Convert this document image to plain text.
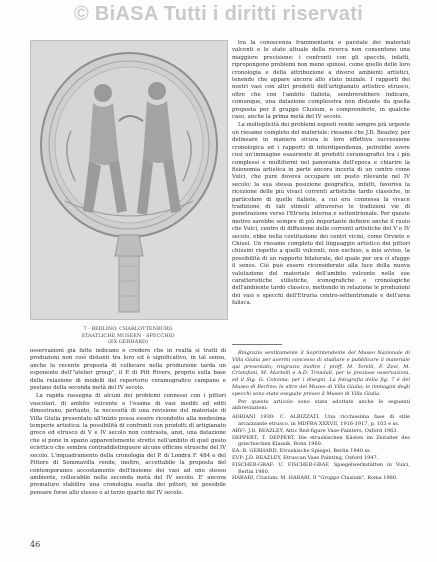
© BiASA Tutti i diritti riservati
7 - BERLINO, CHARLOTTENBURG
STAATLICHE MUSEEN - SPECCHIO
(EX GERHARD)

tra la conoscenza frammentaria e parziale dei materiali valcenti e lo stato attuale della ricerca non consentono una maggiore precisione: i confronti con gli specchi, infatti, ripropongono problemi non meno spinosi, come quello delle loro cronologia e della attribuzione a diversi ambienti artistici, tenendo che appare ancora allo stato iniziale. I rapporti dei nostri vasi con altri prodotti dell'artigianato artistico etrusco, oltre che con l'ambito italiota, sembrerebbero indicare, comunque, una datazione complessiva non distante da quella proposta per il gruppo Clusium, e comprenderlo, in qualche caso, anche la prima metà del IV secolo.

La molteplicità dei problemi esposti rende sempre più urgente un riesame completo del materiale: riesame che J.D. Beazley, per delineare in maniera sicura le loro effettiva successione cronologica ed i rapporti di interdipendenza, potrebbe avere così un'immagine esauriente di prodotti ceramografici tra i più complessi e multiformi nel panorama dell'epoca e chiarire la fisionomia artistica in parte ancora incerta di un centro come Vulci, che pure doveva occupare un posto rilevante nel IV secolo; la sua stessa posizione geografica, infatti, favoriva la ricezione delle più vivaci correnti artistiche tardo classiche, in particolare di quelle italiote, a cui era connessa la vivace tradizione di tali stimoli attraverso le tradizioni vie di penetrazione verso l'Etruria interna e settentrionale. Per queste motivo sarebbe sempre di più importante definire anche il ruolo che Vulci, centro di diffusione delle correnti artistiche del V e IV secolo, ebbe nella costituzione dei centri vicini, come Orvieto e Chiusi. Un riesame completo del linguaggio artistico dei pittori chiusini rispetto a quelli vulcenti, non escluso, a mio avviso, la possibilità di un rapporto bilaterale, del quale per ora ci sfugge il senso. Ciò può essere riconsiderato alla luce della nuova valutazione del materiale dell'ambito vulcente nelle sue caratteristiche stilistiche, iconografiche e cronologiche dell'ambiente tardo classico, mettendo in relazione le produzioni dei vasi e specchi dell'Etruria centro-settentrionale e dell'area falisca.

osservazioni già fatte indicano o credere che in realtà si tratti di produzioni non così distanti tra loro ed è significativo, in tal senso, anche la recente proposta di collocare nella produzione tarda un esponente dell'"atelier group", il P. di Pitt Rivers, proprio sulla base della relazione di modelli del repertorio ceramografico campano e pestano della seconda metà del IV secolo.

La rapida rassegna di alcuni dei problemi connessi con i pittori vascolari, di ambito vulcente e l'esame di vasi inediti ed editi dimostrano, pertanto, la necessità di una revisione del materiale di Villa Giulia presentato all'inizio possa essere ricondotto alla medesima temperie artistica: la possibilità di confronti con prodotti di artigianato greco ed etrusco di V e IV secolo non contrasta, anzi, una datazione che si pone in spazio apparentemente stretto nell'ambito di quel gusto eclettico che sembra contraddistinguere alcune officine etrusche del IV secolo. L'inquadramento della cronologia del P. di Londra F. 484 e del Pittore di Sommavilla rende, inoltre, accettabile la proposta del contemporaneo accostamento dell'insieme dei vasi ad uno stesso ambiente, collocabile nella seconda metà del IV secolo. E' ancora prematuro stabilire una cronologia esatta dei pittori, né possibile pensare forse allo stesso o al terzo quarto del IV secolo.

Ringrazio sentitamente il Soprintendente del Museo Nazionale di Villa Giulia per avermi concesso di studiare e pubblicare il materiale qui presentato; ringrazio inoltre i proff. M. Torelli, F. Zevi, M. Cristofani, M. Martelli e A.D. Trendall, per le preziose osservazioni, ed il Sig. G. Colonna, per i disegni. La fotografia della fig. 7 è del Museo di Berlino; le altre del Museo di Villa Giulia; le immagini degli specchi sono state eseguite presso il Museo di Villa Giulia.

Per questo articolo sono state adottate anche le seguenti abbreviazioni:

ADRIANI 1930: C. ALBIZZATI, Una ricchissima fase di stile arcaizzante etrusco, in MDFRA XXXVII, 1916-1917, p. 103 e ss.
ARV²: J.D. BEAZLEY, Attic Red-figure Vase-Painters, Oxford 1963.
DEPPERT: T. DEPPERT, Die etruskischen Kästen im Zeitalter des griechischen Klassik, Bonn 1960.
EA: B. GERHARD, Etruskische Spiegel, Berlin 1840 ss.
EVP: J.D. BEAZLEY, Etruscan Vase Painting, Oxford 1947.
FISCHER-GRAF: U. FISCHER-GRAF, Spiegelwerkstätten in Vulci, Berlin 1980.
HARARI, Clusium: M. HARARI, Il "Gruppo Clusium", Roma 1980.
46
